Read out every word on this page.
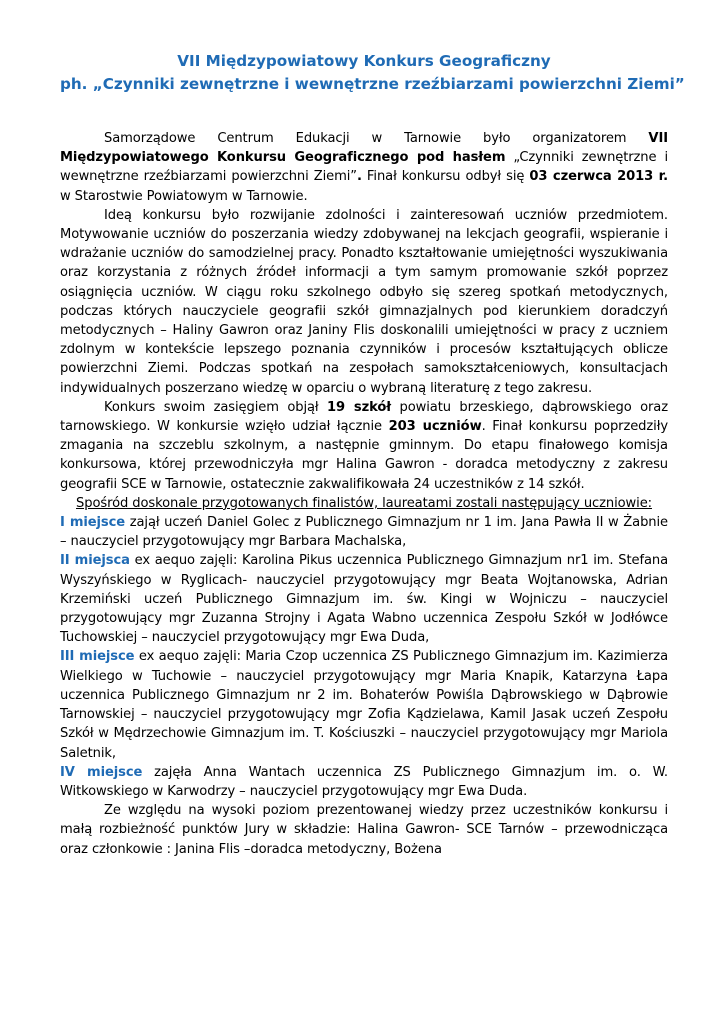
VII Międzypowiatowy Konkurs Geograficzny
ph. „Czynniki zewnętrzne i wewnętrzne rzeźbiarzami powierzchni Ziemi”

Samorządowe Centrum Edukacji w Tarnowie było organizatorem VII Międzypowiatowego Konkursu Geograficznego pod hasłem „Czynniki zewnętrzne i wewnętrzne rzeźbiarzami powierzchni Ziemi”. Finał konkursu odbył się 03 czerwca 2013 r. w Starostwie Powiatowym w Tarnowie.

Ideą konkursu było rozwijanie zdolności i zainteresowań uczniów przedmiotem. Motywowanie uczniów do poszerzania wiedzy zdobywanej na lekcjach geografii, wspieranie i wdrażanie uczniów do samodzielnej pracy. Ponadto kształtowanie umiejętności wyszukiwania oraz korzystania z różnych źródeł informacji a tym samym promowanie szkół poprzez osiągnięcia uczniów. W ciągu roku szkolnego odbyło się szereg spotkań metodycznych, podczas których nauczyciele geografii szkół gimnazjalnych pod kierunkiem doradczyń metodycznych – Haliny Gawron oraz Janiny Flis doskonalili umiejętności w pracy z uczniem zdolnym w kontekście lepszego poznania czynników i procesów kształtujących oblicze powierzchni Ziemi. Podczas spotkań na zespołach samokształceniowych, konsultacjach indywidualnych poszerzano wiedzę w oparciu o wybraną literaturę z tego zakresu.

Konkurs swoim zasięgiem objął 19 szkół powiatu brzeskiego, dąbrowskiego oraz tarnowskiego. W konkursie wzięło udział łącznie 203 uczniów. Finał konkursu poprzedziły zmagania na szczeblu szkolnym, a następnie gminnym. Do etapu finałowego komisja konkursowa, której przewodniczyła mgr Halina Gawron - doradca metodyczny z zakresu geografii SCE w Tarnowie, ostatecznie zakwalifikowała 24 uczestników z 14 szkół.

Spośród doskonale przygotowanych finalistów, laureatami zostali następujący uczniowie:

I miejsce zajął uczeń Daniel Golec z Publicznego Gimnazjum nr 1 im. Jana Pawła II w Żabnie – nauczyciel przygotowujący mgr Barbara Machalska,

II miejsca ex aequo zajęli: Karolina Pikus uczennica Publicznego Gimnazjum nr1 im. Stefana Wyszyńskiego w Ryglicach- nauczyciel przygotowujący mgr Beata Wojtanowska, Adrian Krzemiński uczeń Publicznego Gimnazjum im. św. Kingi w Wojniczu – nauczyciel przygotowujący mgr Zuzanna Strojny i Agata Wabno uczennica Zespołu Szkół w Jodłówce Tuchowskiej – nauczyciel przygotowujący mgr Ewa Duda,

III miejsce ex aequo zajęli: Maria Czop uczennica ZS Publicznego Gimnazjum im. Kazimierza Wielkiego w Tuchowie – nauczyciel przygotowujący mgr Maria Knapik, Katarzyna Łapa uczennica Publicznego Gimnazjum nr 2 im. Bohaterów Powiśla Dąbrowskiego w Dąbrowie Tarnowskiej – nauczyciel przygotowujący mgr Zofia Kądzielawa, Kamil Jasak uczeń Zespołu Szkół w Mędrzechowie Gimnazjum im. T. Kościuszki – nauczyciel przygotowujący mgr Mariola Saletnik,

IV miejsce zajęła Anna Wantach uczennica ZS Publicznego Gimnazjum im. o. W. Witkowskiego w Karwodrzy – nauczyciel przygotowujący mgr Ewa Duda.

Ze względu na wysoki poziom prezentowanej wiedzy przez uczestników konkursu i małą rozbieżność punktów Jury w składzie: Halina Gawron- SCE Tarnów – przewodnicząca oraz członkowie : Janina Flis –doradca metodyczny, Bożena
